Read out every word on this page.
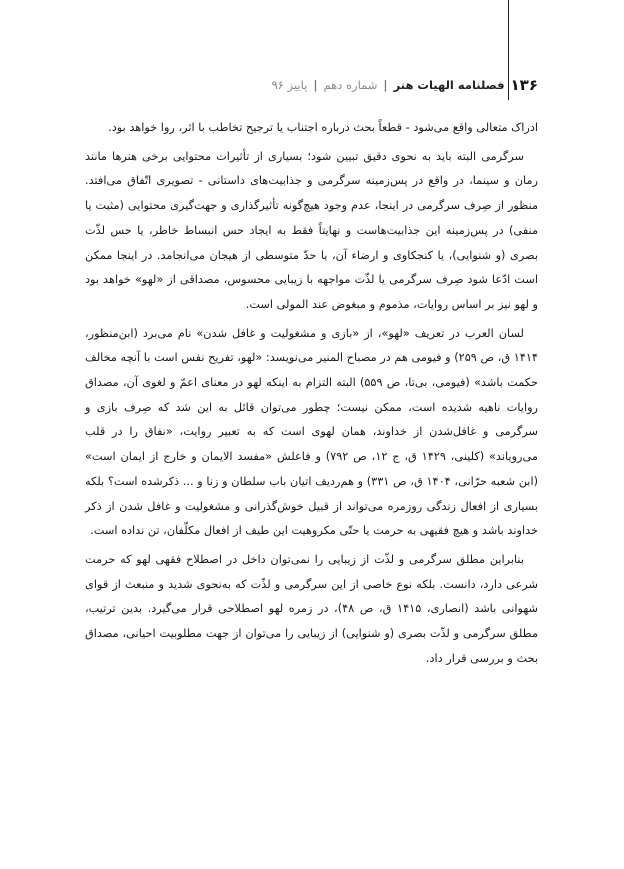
۱۳۶
فصلنامه الهیات هنر
|
شماره دهم
|
پاییز ۹۶

ادراک متعالی واقع می‌شود - قطعاً بحث درباره اجتناب یا ترجیح تخاطب با اثر، روا خواهد بود.

سرگرمی البته باید به نحوی دقیق تبیین شود؛ بسیاری از تأثیرات محتوایی برخی هنرها مانند رمان و سینما، در واقع در پس‌زمینه سرگرمی و جذابیت‌های داستانی - تصویری اتّفاق می‌افتد. منظور از صِرف سرگرمی در اینجا، عدم وجود هیچ‌گونه تأثیرگذاری و جهت‌گیری محتوایی (مثبت یا منفی) در پس‌زمینه این جذابیت‌هاست و نهایتاً فقط به ایجاد حس انبساط خاطر، یا حس لذّت بصری (و شنوایی)، یا کنجکاوی و ارضاء آن، یا حدّ متوسطی از هیجان می‌انجامد. در اینجا ممکن است ادّعا شود صِرف سرگرمی یا لذّت مواجهه با زیبایی محسوس، مصداقی از «لهو» خواهد بود و لهو نیز بر اساس روایات، مذموم و مبغوض عند المولی است.

لسان العرب در تعریف «لهو»، از «بازی و مشغولیت و غافل شدن» نام می‌برد (ابن‌منظور، ۱۴۱۴ ق، ص ۲۵۹) و فیومی هم در مصباح المنیر می‌نویسد: «لهو، تفریح نفس است با آنچه مخالف حکمت باشد» (فیومی، بی‌تا، ص ۵۵۹) البته التزام به اینکه لهو در معنای اعمّ و لغوی آن، مصداق روایات ناهیه شدیده است، ممکن نیست؛ چطور می‌توان قائل به این شد که صِرف بازی و سرگرمی و غافل‌شدن از خداوند، همان لهوی است که به تعبیر روایت، «نفاق را در قلب می‌رویاند» (کلینی، ۱۴۲۹ ق، ج ۱۲، ص ۷۹۲) و فاعلش «مفسد الایمان و خارج از ایمان است» (ابن شعبه حرّانی، ۱۴۰۴ ق، ص ۳۳۱) و هم‌ردیف اتیان باب سلطان و زنا و ... ذکرشده است؟ بلکه بسیاری از افعال زندگی روزمره می‌تواند از قبیل خوش‌گذرانی و مشغولیت و غافل شدن از ذکر خداوند باشد و هیچ فقیهی به حرمت یا حتّی مکروهیت این طیف از افعال مکلّفان، تن نداده است.

بنابراین مطلق سرگرمی و لذّت از زیبایی را نمی‌توان داخل در اصطلاح فقهی لهو که حرمت شرعی دارد، دانست. بلکه نوع خاصی از این سرگرمی و لذّت که به‌نحوی شدید و منبعث از قوای شهوانی باشد (انصاری، ۱۴۱۵ ق، ص ۴۸)، در زمره لهو اصطلاحی قرار می‌گیرد. بدین ترتیب، مطلق سرگرمی و لذّت بصری (و شنوایی) از زیبایی را می‌توان از جهت مطلوبیت احیانی، مصداق بحث و بررسی قرار داد.
